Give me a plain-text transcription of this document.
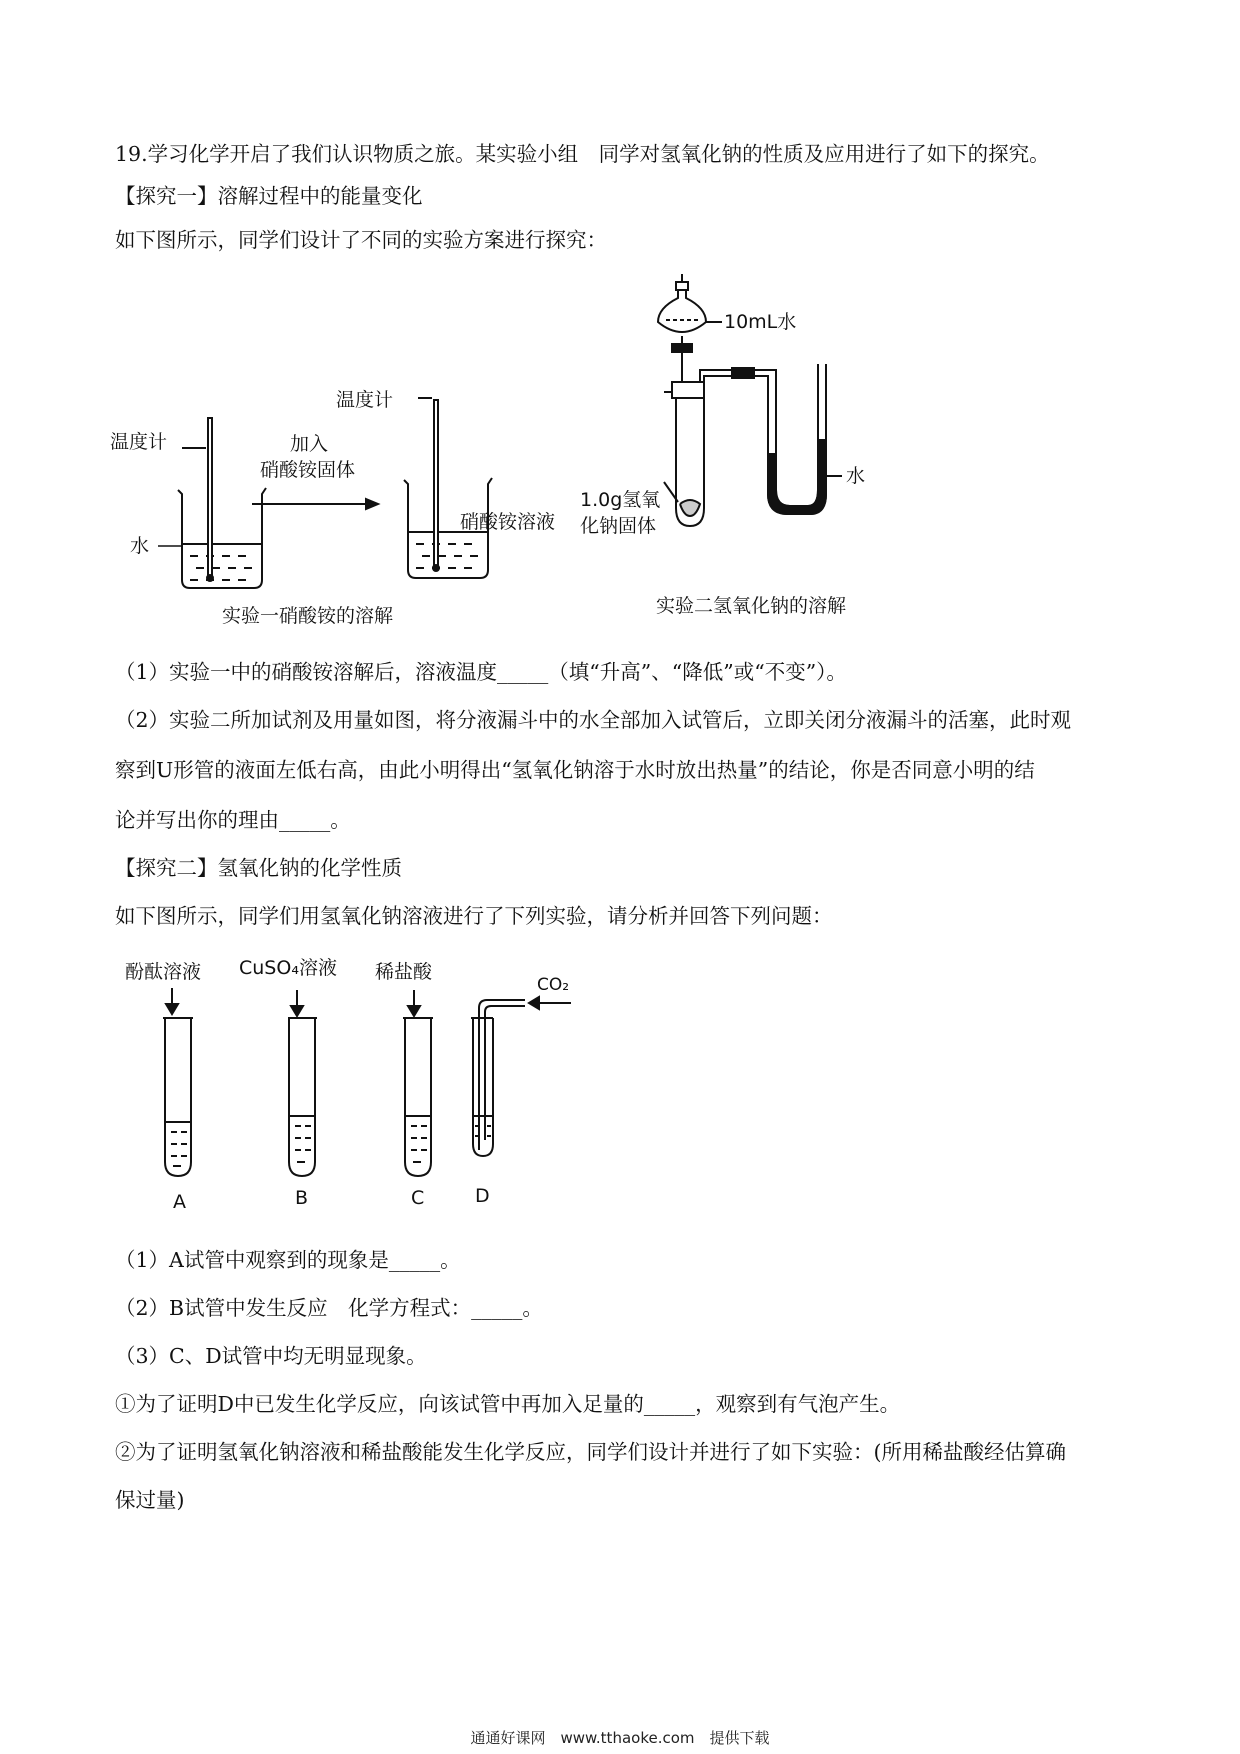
19.学习化学开启了我们认识物质之旅。某实验小组　同学对氢氧化钠的性质及应用进行了如下的探究。
【探究一】溶解过程中的能量变化
如下图所示，同学们设计了不同的实验方案进行探究：
温度计
水
加入
硝酸铵固体
温度计
硝酸铵溶液
实验一硝酸铵的溶解
10mL水
1.0g氢氧
化钠固体
水
实验二氢氧化钠的溶解
（1）实验一中的硝酸铵溶解后，溶液温度_____（填“升高”、“降低”或“不变”）。
（2）实验二所加试剂及用量如图，将分液漏斗中的水全部加入试管后，立即关闭分液漏斗的活塞，此时观
察到U形管的液面左低右高，由此小明得出“氢氧化钠溶于水时放出热量”的结论，你是否同意小明的结
论并写出你的理由_____。
【探究二】氢氧化钠的化学性质
如下图所示，同学们用氢氧化钠溶液进行了下列实验，请分析并回答下列问题：
酚酞溶液 CuSO₄溶液 稀盐酸
CO₂
A	B	C	D
（1）A试管中观察到的现象是_____。
（2）B试管中发生反应　化学方程式：_____。
（3）C、D试管中均无明显现象。
①为了证明D中已发生化学反应，向该试管中再加入足量的_____，观察到有气泡产生。
②为了证明氢氧化钠溶液和稀盐酸能发生化学反应，同学们设计并进行了如下实验：(所用稀盐酸经估算确
保过量)
通通好课网　www.tthaoke.com　提供下载
